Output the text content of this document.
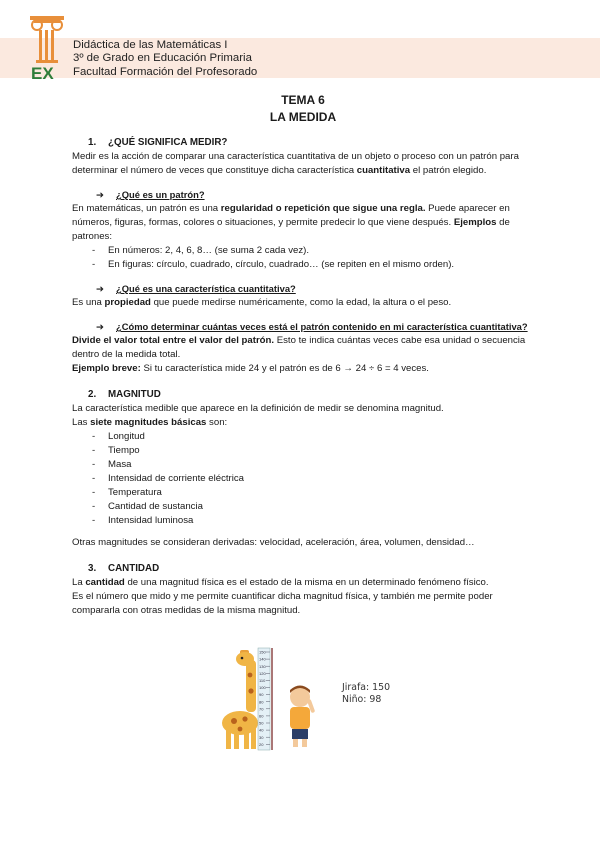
EX
Didáctica de las Matemáticas I
3º de Grado en Educación Primaria
Facultad Formación del Profesorado
TEMA 6
LA MEDIDA
1. ¿QUÉ SIGNIFICA MEDIR?

Medir es la acción de comparar una característica cuantitativa de un objeto o proceso con un patrón para determinar el número de veces que constituye dicha característica cuantitativa el patrón elegido.

➔ ¿Qué es un patrón?

En matemáticas, un patrón es una regularidad o repetición que sigue una regla. Puede aparecer en números, figuras, formas, colores o situaciones, y permite predecir lo que viene después. Ejemplos de patrones:

- En números: 2, 4, 6, 8… (se suma 2 cada vez).
- En figuras: círculo, cuadrado, círculo, cuadrado… (se repiten en el mismo orden).
➔ ¿Qué es una característica cuantitativa?

Es una propiedad que puede medirse numéricamente, como la edad, la altura o el peso.

➔ ¿Cómo determinar cuántas veces está el patrón contenido en mi característica cuantitativa?

Divide el valor total entre el valor del patrón. Esto te indica cuántas veces cabe esa unidad o secuencia dentro de la medida total.

Ejemplo breve: Si tu característica mide 24 y el patrón es de 6 → 24 ÷ 6 = 4 veces.

2. MAGNITUD

La característica medible que aparece en la definición de medir se denomina magnitud.

Las siete magnitudes básicas son:

- Longitud
- Tiempo
- Masa
- Intensidad de corriente eléctrica
- Temperatura
- Cantidad de sustancia
- Intensidad luminosa

Otras magnitudes se consideran derivadas: velocidad, aceleración, área, volumen, densidad…

3. CANTIDAD

La cantidad de una magnitud física es el estado de la misma en un determinado fenómeno físico.

Es el número que mido y me permite cuantificar dicha magnitud física, y también me permite poder compararla con otras medidas de la misma magnitud.

150
140
130
120
110
100
90
80
70
60
50
40
30
20
Jirafa: 150
Niño: 98
